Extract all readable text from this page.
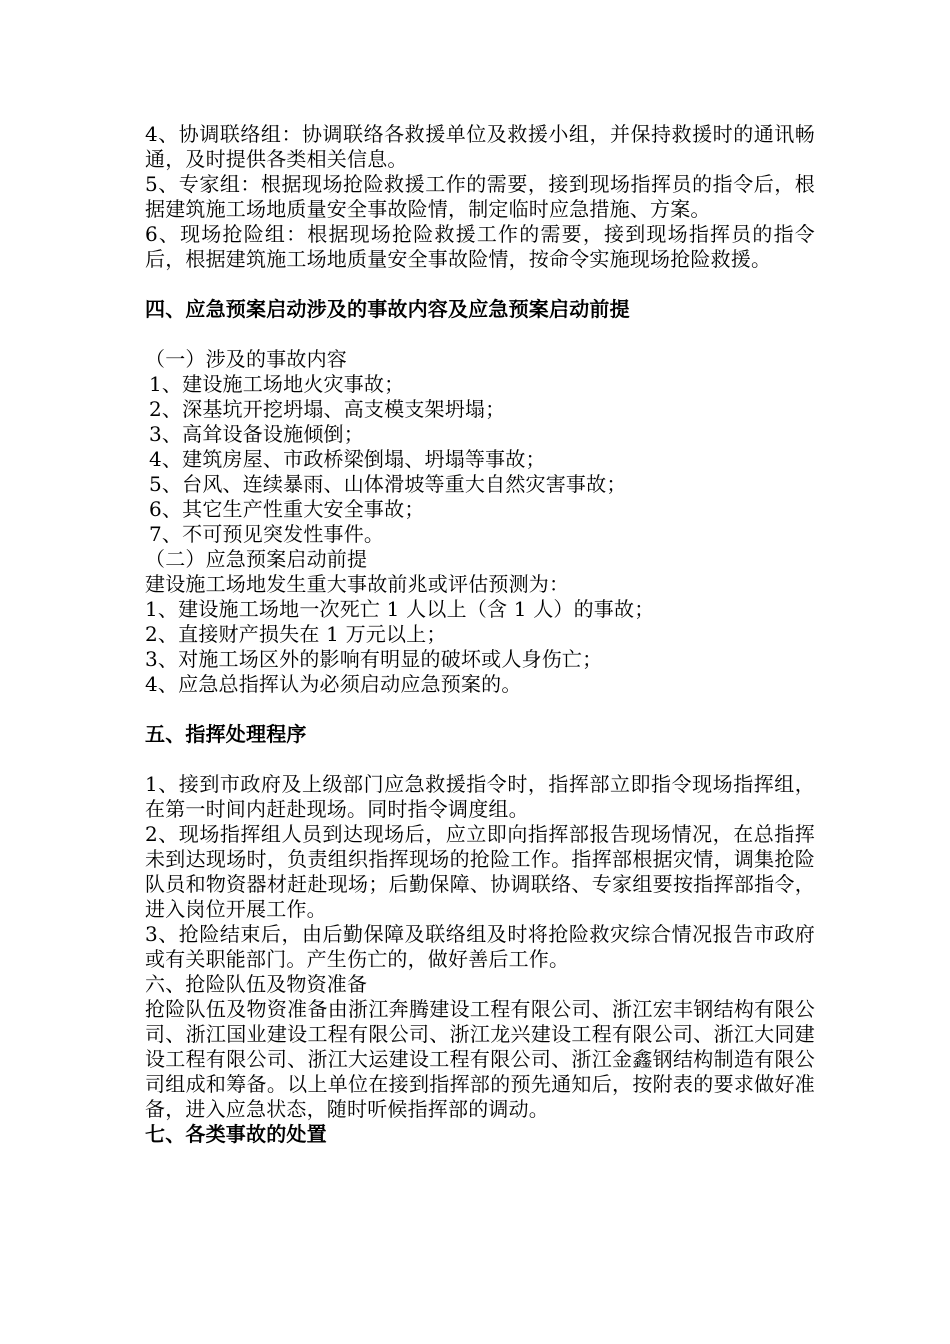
4、协调联络组：协调联络各救援单位及救援小组，并保持救援时的通讯畅通，及时提供各类相关信息。

5、专家组：根据现场抢险救援工作的需要，接到现场指挥员的指令后，根据建筑施工场地质量安全事故险情，制定临时应急措施、方案。

6、现场抢险组：根据现场抢险救援工作的需要，接到现场指挥员的指令后，根据建筑施工场地质量安全事故险情，按命令实施现场抢险救援。

四、应急预案启动涉及的事故内容及应急预案启动前提

（一）涉及的事故内容

1、建设施工场地火灾事故；

2、深基坑开挖坍塌、高支模支架坍塌；

3、高耸设备设施倾倒；

4、建筑房屋、市政桥梁倒塌、坍塌等事故；

5、台风、连续暴雨、山体滑坡等重大自然灾害事故；

6、其它生产性重大安全事故；

7、不可预见突发性事件。

（二）应急预案启动前提

建设施工场地发生重大事故前兆或评估预测为：

1、建设施工场地一次死亡 1 人以上（含 1 人）的事故；

2、直接财产损失在 1 万元以上；

3、对施工场区外的影响有明显的破坏或人身伤亡；

4、应急总指挥认为必须启动应急预案的。

五、指挥处理程序

1、接到市政府及上级部门应急救援指令时，指挥部立即指令现场指挥组，在第一时间内赶赴现场。同时指令调度组。

2、现场指挥组人员到达现场后，应立即向指挥部报告现场情况，在总指挥未到达现场时，负责组织指挥现场的抢险工作。指挥部根据灾情，调集抢险队员和物资器材赶赴现场；后勤保障、协调联络、专家组要按指挥部指令，进入岗位开展工作。

3、抢险结束后，由后勤保障及联络组及时将抢险救灾综合情况报告市政府或有关职能部门。产生伤亡的，做好善后工作。

六、抢险队伍及物资准备

抢险队伍及物资准备由浙江奔腾建设工程有限公司、浙江宏丰钢结构有限公司、浙江国业建设工程有限公司、浙江龙兴建设工程有限公司、浙江大同建设工程有限公司、浙江大运建设工程有限公司、浙江金鑫钢结构制造有限公司组成和筹备。以上单位在接到指挥部的预先通知后，按附表的要求做好准备，进入应急状态，随时听候指挥部的调动。

七、各类事故的处置
